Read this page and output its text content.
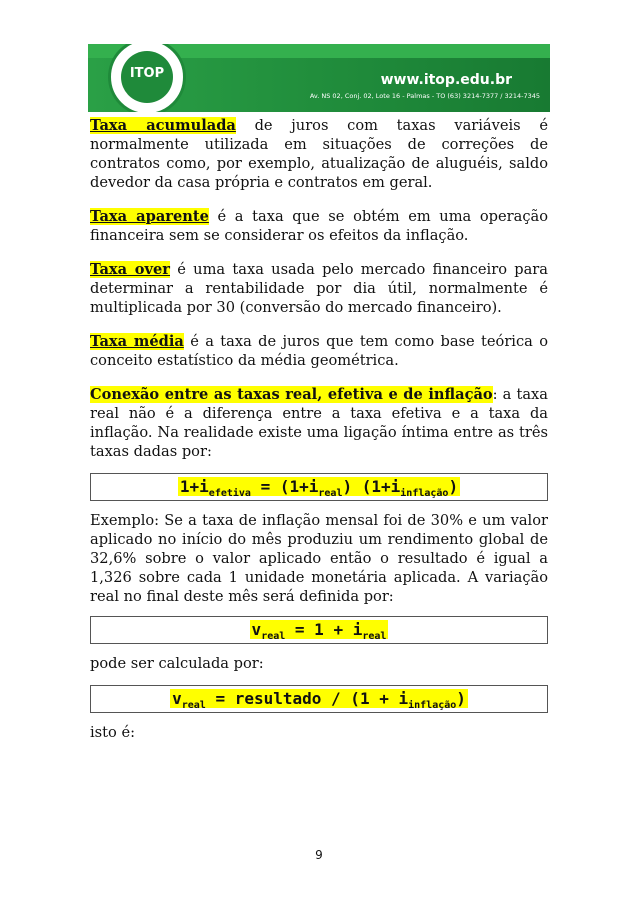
ITOP	www.itop.edu.br
Av. NS 02, Conj. 02, Lote 16 - Palmas - TO (63) 3214-7377 / 3214-7345

Taxa acumulada de juros com taxas variáveis é normalmente utilizada em situações de correções de contratos como, por exemplo, atualização de aluguéis, saldo devedor da casa própria e contratos em geral.

Taxa aparente é a taxa que se obtém em uma operação financeira sem se considerar os efeitos da inflação.

Taxa over é uma taxa usada pelo mercado financeiro para determinar a rentabilidade por dia útil, normalmente é multiplicada por 30 (conversão do mercado financeiro).

Taxa média é a taxa de juros que tem como base teórica o conceito estatístico da média geométrica.

Conexão entre as taxas real, efetiva e de inflação: a taxa real não é a diferença entre a taxa efetiva e a taxa da inflação. Na realidade existe uma ligação íntima entre as três taxas dadas por:

$1+i_{efetiva} = (1+i_{real})$ $(1+i_{inflação})$

Exemplo: Se a taxa de inflação mensal foi de 30% e um valor aplicado no início do mês produziu um rendimento global de 32,6% sobre o valor aplicado então o resultado é igual a 1,326 sobre cada 1 unidade monetária aplicada. A variação real no final deste mês será definida por:

$v_{real} = 1 + i_{real}$

pode ser calculada por:

$v_{real}$ = resultado / $(1 + i_{inflação})$

isto é:

9
